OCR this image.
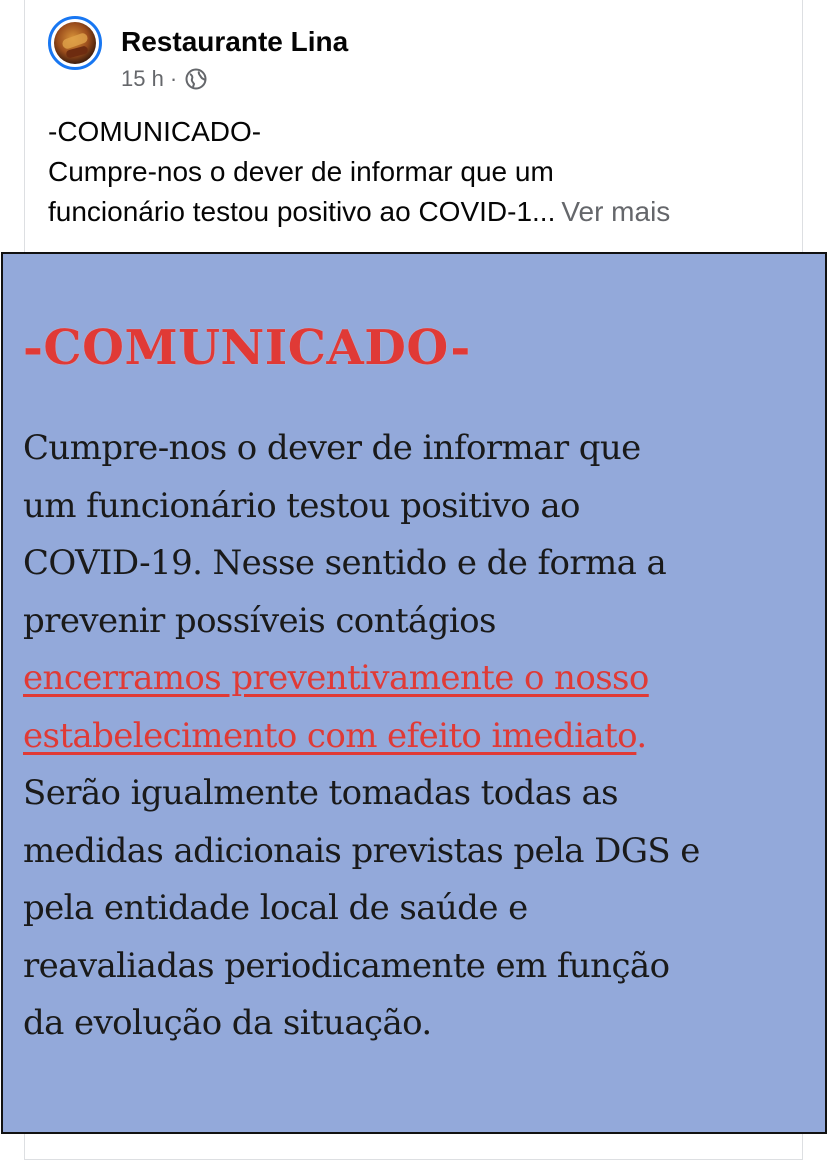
Restaurante Lina
15 h ·
-COMUNICADO-
Cumpre-nos o dever de informar que um
funcionário testou positivo ao COVID-1... Ver mais
-COMUNICADO-
Cumpre-nos o dever de informar que
um funcionário testou positivo ao
COVID-19. Nesse sentido e de forma a
prevenir possíveis contágios
encerramos preventivamente o nosso
estabelecimento com efeito imediato.
Serão igualmente tomadas todas as
medidas adicionais previstas pela DGS e
pela entidade local de saúde e
reavaliadas periodicamente em função
da evolução da situação.
